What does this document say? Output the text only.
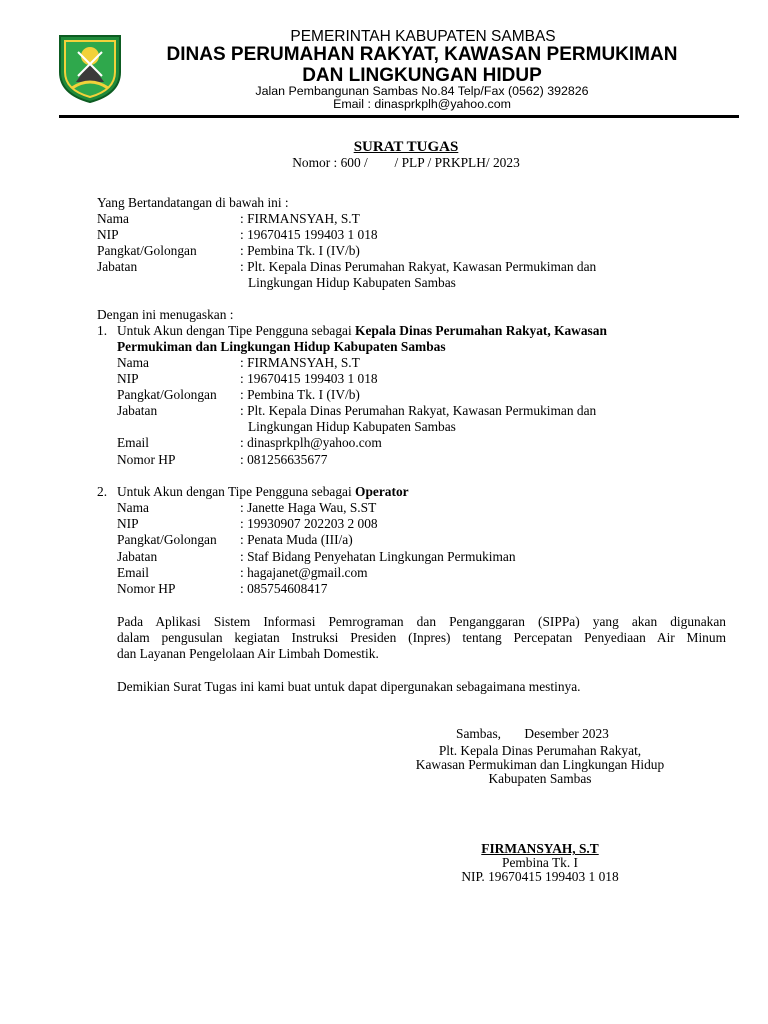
PEMERINTAH KABUPATEN SAMBAS
DINAS PERUMAHAN RAKYAT, KAWASAN PERMUKIMAN
DAN LINGKUNGAN HIDUP
Jalan Pembangunan Sambas No.84 Telp/Fax (0562) 392826
Email : dinasprkplh@yahoo.com
SURAT TUGAS
Nomor : 600 /        / PLP / PRKPLH/ 2023
Yang Bertandatangan di bawah ini :
Nama	: FIRMANSYAH, S.T
NIP	: 19670415 199403 1 018
Pangkat/Golongan	: Pembina Tk. I (IV/b)
Jabatan	: Plt. Kepala Dinas Perumahan Rakyat, Kawasan Permukiman dan
Lingkungan Hidup Kabupaten Sambas
Dengan ini menugaskan :
1. Untuk Akun dengan Tipe Pengguna sebagai Kepala Dinas Perumahan Rakyat, Kawasan
Permukiman dan Lingkungan Hidup Kabupaten Sambas
Nama	: FIRMANSYAH, S.T
NIP	: 19670415 199403 1 018
Pangkat/Golongan : Pembina Tk. I (IV/b)
Jabatan	: Plt. Kepala Dinas Perumahan Rakyat, Kawasan Permukiman dan
Lingkungan Hidup Kabupaten Sambas
Email	: dinasprkplh@yahoo.com
Nomor HP	: 081256635677
2. Untuk Akun dengan Tipe Pengguna sebagai Operator
Nama	: Janette Haga Wau, S.ST
NIP	: 19930907 202203 2 008
Pangkat/Golongan : Penata Muda (III/a)
Jabatan	: Staf Bidang Penyehatan Lingkungan Permukiman
Email	: hagajanet@gmail.com
Nomor HP	: 085754608417
Pada Aplikasi Sistem Informasi Pemrograman dan Penganggaran (SIPPa) yang akan digunakan
dalam pengusulan kegiatan Instruksi Presiden (Inpres) tentang Percepatan Penyediaan Air Minum
dan Layanan Pengelolaan Air Limbah Domestik.
Demikian Surat Tugas ini kami buat untuk dapat dipergunakan sebagaimana mestinya.
Sambas,       Desember 2023
Plt. Kepala Dinas Perumahan Rakyat,
Kawasan Permukiman dan Lingkungan Hidup
Kabupaten Sambas
FIRMANSYAH, S.T
Pembina Tk. I
NIP. 19670415 199403 1 018
